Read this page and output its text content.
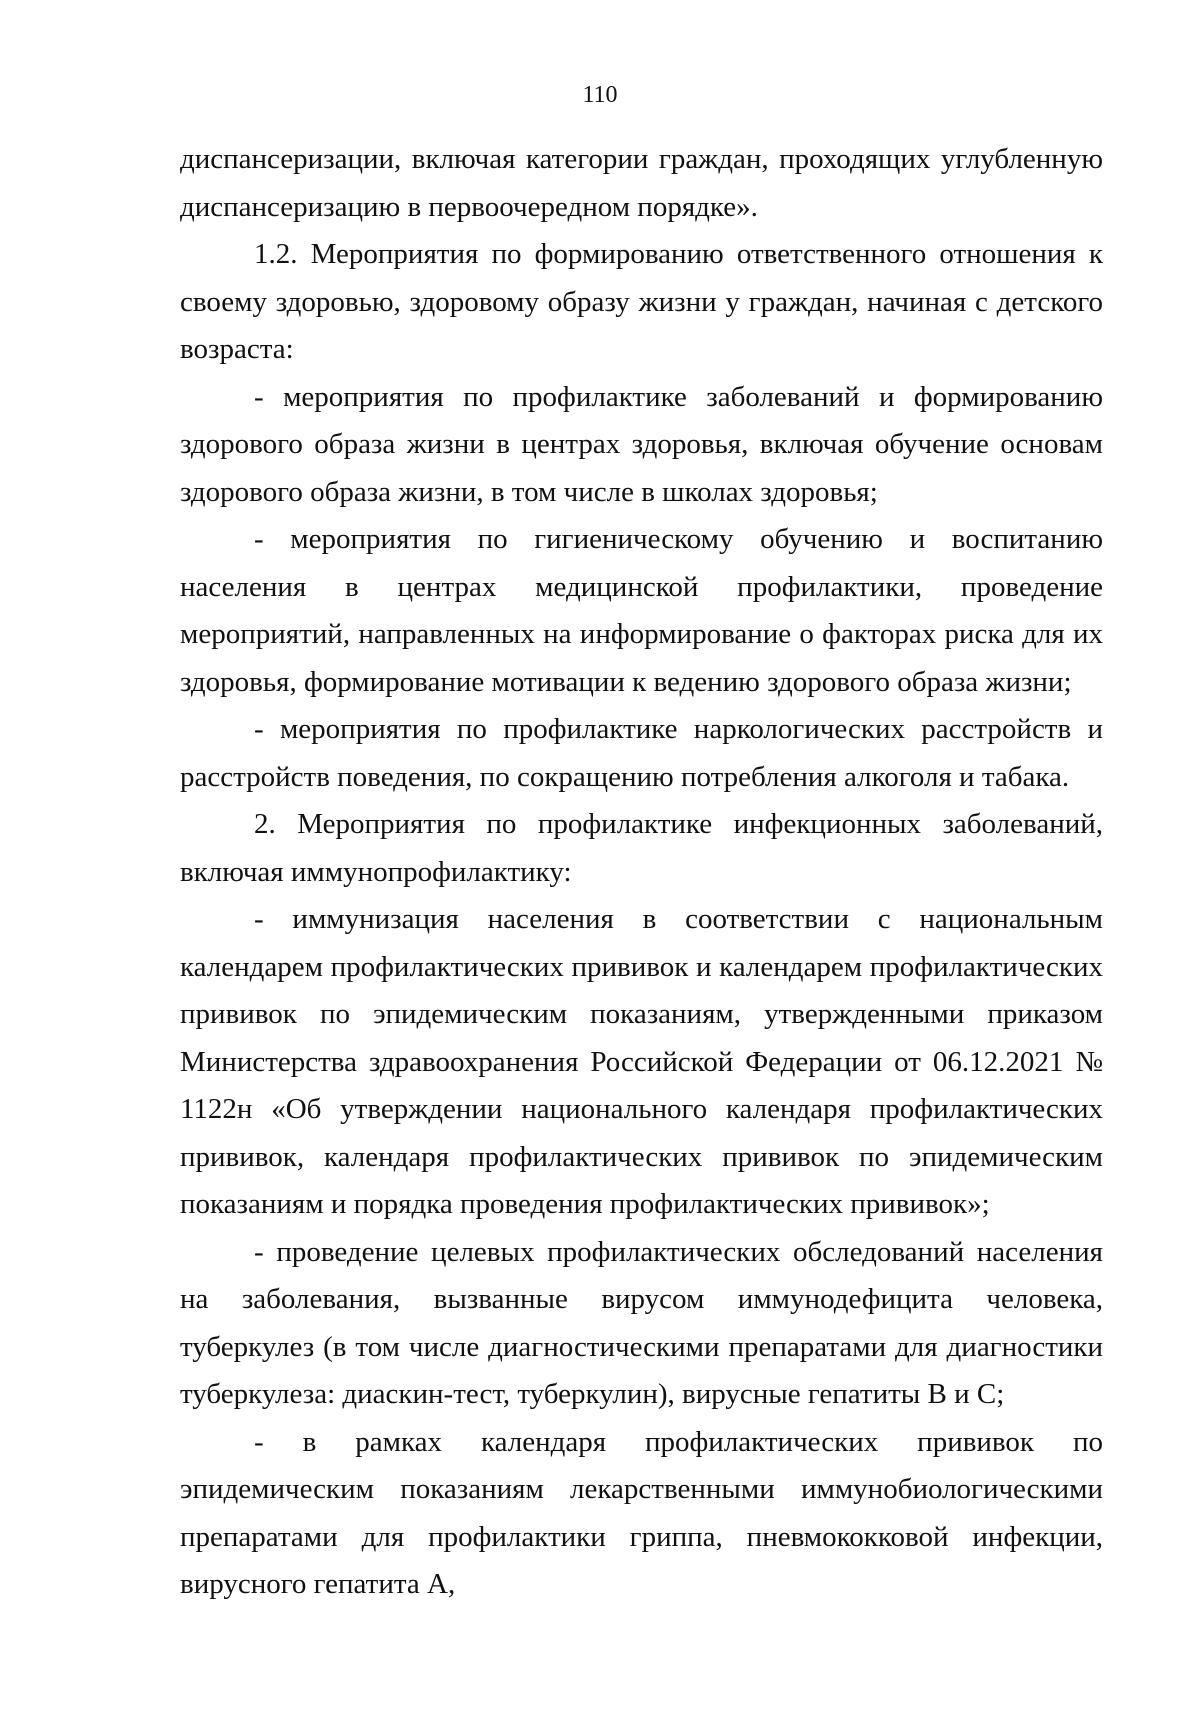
110

диспансеризации, включая категории граждан, проходящих углубленную диспансеризацию в первоочередном порядке».

1.2. Мероприятия по формированию ответственного отношения к своему здоровью, здоровому образу жизни у граждан, начиная с детского возраста:

- мероприятия по профилактике заболеваний и формированию здорового образа жизни в центрах здоровья, включая обучение основам здорового образа жизни, в том числе в школах здоровья;

- мероприятия по гигиеническому обучению и воспитанию населения в центрах медицинской профилактики, проведение мероприятий, направленных на информирование о факторах риска для их здоровья, формирование мотивации к ведению здорового образа жизни;

- мероприятия по профилактике наркологических расстройств и расстройств поведения, по сокращению потребления алкоголя и табака.

2. Мероприятия по профилактике инфекционных заболеваний, включая иммунопрофилактику:

- иммунизация населения в соответствии с национальным календарем профилактических прививок и календарем профилактических прививок по эпидемическим показаниям, утвержденными приказом Министерства здравоохранения Российской Федерации от 06.12.2021 № 1122н «Об утверждении национального календаря профилактических прививок, календаря профилактических прививок по эпидемическим показаниям и порядка проведения профилактических прививок»;

- проведение целевых профилактических обследований населения на заболевания, вызванные вирусом иммунодефицита человека, туберкулез (в том числе диагностическими препаратами для диагностики туберкулеза: диаскин-тест, туберкулин), вирусные гепатиты В и С;

- в рамках календаря профилактических прививок по эпидемическим показаниям лекарственными иммунобиологическими препаратами для профилактики гриппа, пневмококковой инфекции, вирусного гепатита А,
